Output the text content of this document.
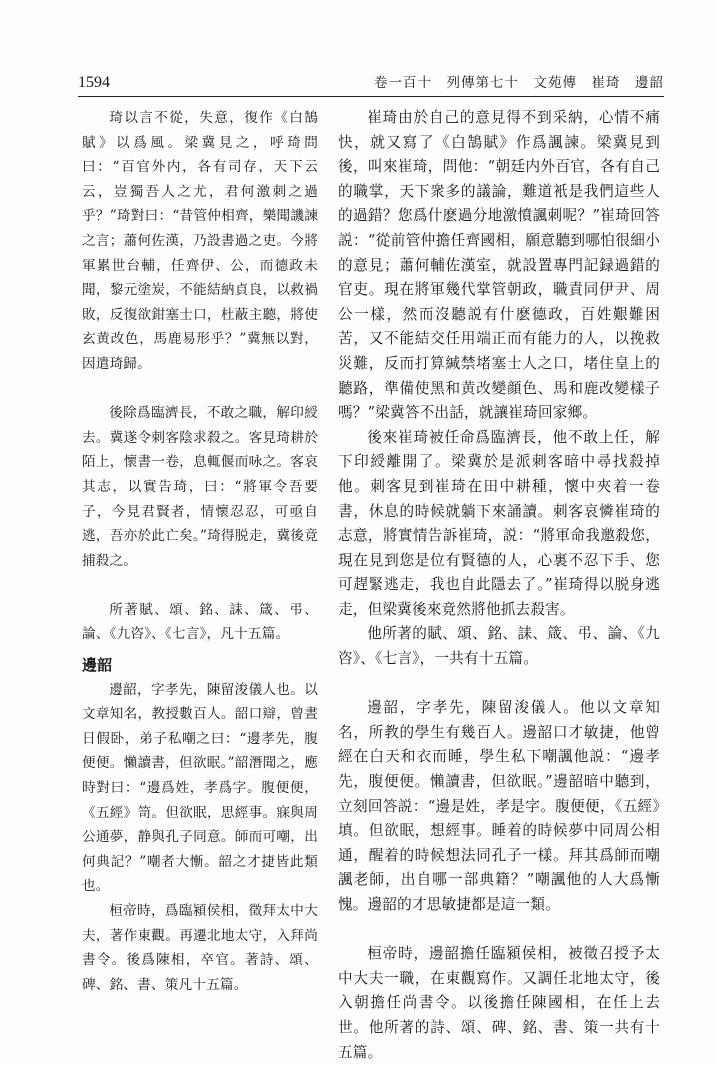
1594	卷一百十　列傳第七十　文苑傳　崔琦　邊韶

琦以言不從，失意，復作《白鵠賦》以爲風。梁冀見之，呼琦問曰：“百官外内，各有司存，天下云云，豈獨吾人之尤，君何激刺之過乎？”琦對曰：“昔管仲相齊，樂聞譏諫之言；蕭何佐漢，乃設書過之吏。今將軍累世台輔，任齊伊、公，而德政未聞，黎元塗炭，不能結納貞良，以救禍敗，反復欲鉗塞士口，杜蔽主聽，將使玄黄改色，馬鹿易形乎？”冀無以對，因遣琦歸。

後除爲臨濟長，不敢之職，解印綬去。冀遂令刺客陰求殺之。客見琦耕於陌上，懷書一卷，息輒偃而咏之。客哀其志，以實告琦，曰：“將軍令吾要子，今見君賢者，情懷忍忍，可亟自逃，吾亦於此亡矣。”琦得脱走，冀後竟捕殺之。

所著賦、頌、銘、誄、箴、弔、論、《九咨》、《七言》，凡十五篇。

邊韶

邊韶，字孝先，陳留浚儀人也。以文章知名，教授數百人。韶口辯，曾晝日假卧，弟子私嘲之曰：“邊孝先，腹便便。懶讀書，但欲眠。”韶潛聞之，應時對曰：“邊爲姓，孝爲字。腹便便，《五經》笥。但欲眠，思經事。寐與周公通夢，静與孔子同意。師而可嘲，出何典記？”嘲者大慚。韶之才捷皆此類也。

桓帝時，爲臨潁侯相，徵拜太中大夫，著作東觀。再遷北地太守，入拜尚書令。後爲陳相，卒官。著詩、頌、碑、銘、書、策凡十五篇。

崔琦由於自己的意見得不到采納，心情不痛快，就又寫了《白鵠賦》作爲諷諫。梁冀見到後，叫來崔琦，問他：“朝廷内外百官，各有自己的職掌，天下衆多的議論，難道衹是我們這些人的過錯？您爲什麽過分地激憤諷刺呢？”崔琦回答説：“從前管仲擔任齊國相，願意聽到哪怕很細小的意見；蕭何輔佐漢室，就設置專門記録過錯的官吏。現在將軍幾代掌管朝政，職責同伊尹、周公一樣，然而沒聽説有什麽德政，百姓艱難困苦，又不能結交任用端正而有能力的人，以挽救災難，反而打算緘禁堵塞士人之口，堵住皇上的聽路，準備使黑和黄改變顔色、馬和鹿改變樣子嗎？”梁冀答不出話，就讓崔琦回家鄉。

後來崔琦被任命爲臨濟長，他不敢上任，解下印綬離開了。梁冀於是派刺客暗中尋找殺掉他。刺客見到崔琦在田中耕種，懷中夾着一卷書，休息的時候就躺下來誦讀。刺客哀憐崔琦的志意，將實情告訴崔琦，説：“將軍命我邀殺您，現在見到您是位有賢德的人，心裏不忍下手、您可趕緊逃走，我也自此隱去了。”崔琦得以脱身逃走，但梁冀後來竟然將他抓去殺害。

他所著的賦、頌、銘、誄、箴、弔、論、《九咨》、《七言》，一共有十五篇。

邊韶，字孝先，陳留浚儀人。他以文章知名，所教的學生有幾百人。邊韶口才敏捷，他曾經在白天和衣而睡，學生私下嘲諷他説：“邊孝先，腹便便。懶讀書，但欲眠。”邊韶暗中聽到，立刻回答説：“邊是姓，孝是字。腹便便，《五經》填。但欲眠，想經事。睡着的時候夢中同周公相通，醒着的時候想法同孔子一樣。拜其爲師而嘲諷老師，出自哪一部典籍？”嘲諷他的人大爲慚愧。邊韶的才思敏捷都是這一類。

桓帝時，邊韶擔任臨潁侯相，被徵召授予太中大夫一職，在東觀寫作。又調任北地太守，後入朝擔任尚書令。以後擔任陳國相，在任上去世。他所著的詩、頌、碑、銘、書、策一共有十五篇。
